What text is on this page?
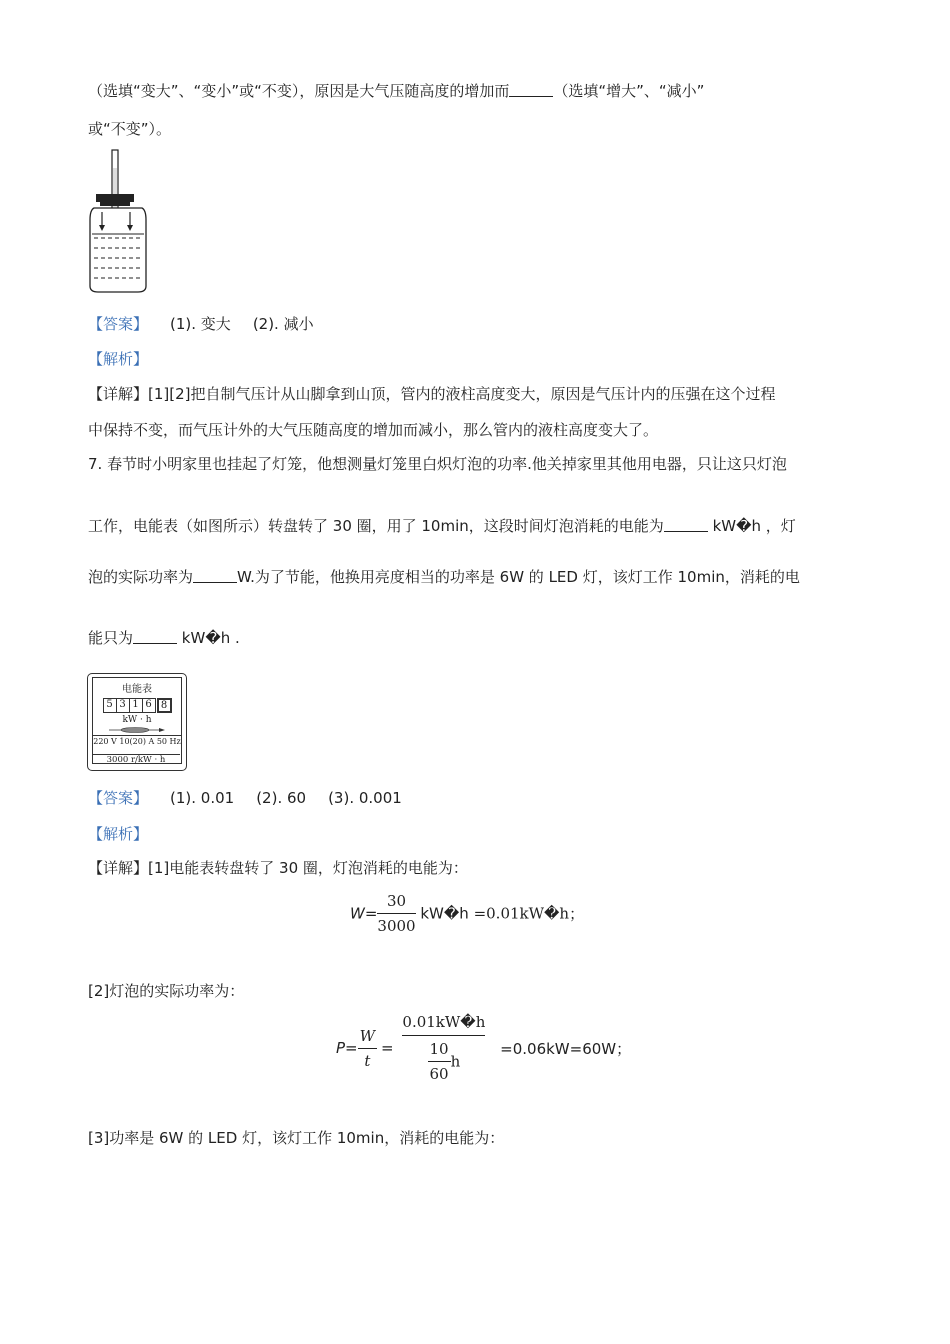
（选填“变大”、“变小”或“不变），原因是大气压随高度的增加而	（选填“增大”、“减小”
或“不变”）。
【答案】 (1). 变大 (2). 减小
【解析】
【详解】[1][2]把自制气压计从山脚拿到山顶，管内的液柱高度变大，原因是气压计内的压强在这个过程
中保持不变，而气压计外的大气压随高度的增加而减小，那么管内的液柱高度变大了。
7. 春节时小明家里也挂起了灯笼，他想测量灯笼里白炽灯泡的功率.他关掉家里其他用电器，只让这只灯泡
工作，电能表（如图所示）转盘转了 30 圈，用了 10min，这段时间灯泡消耗的电能为	kW�h ，灯
泡的实际功率为	W.为了节能，他换用亮度相当的功率是 6W 的 LED 灯，该灯工作 10min，消耗的电
能只为	kW�h .
电能表
5 3 1 6 8
kW · h
220 V 10(20) A 50 Hz
3000 r/kW · h
【答案】 (1). 0.01 (2). 60 (3). 0.001
【解析】
【详解】[1]电能表转盘转了 30 圈，灯泡消耗的电能为：
$W= \frac{30}{3000}$ kW�h =0.01kW�h；
[2]灯泡的实际功率为：
$P= \frac{W}{t} = \frac{0.01kW�h}{\frac{10}{60} h} =0.06kW=60W$；
[3]功率是 6W 的 LED 灯，该灯工作 10min，消耗的电能为：
